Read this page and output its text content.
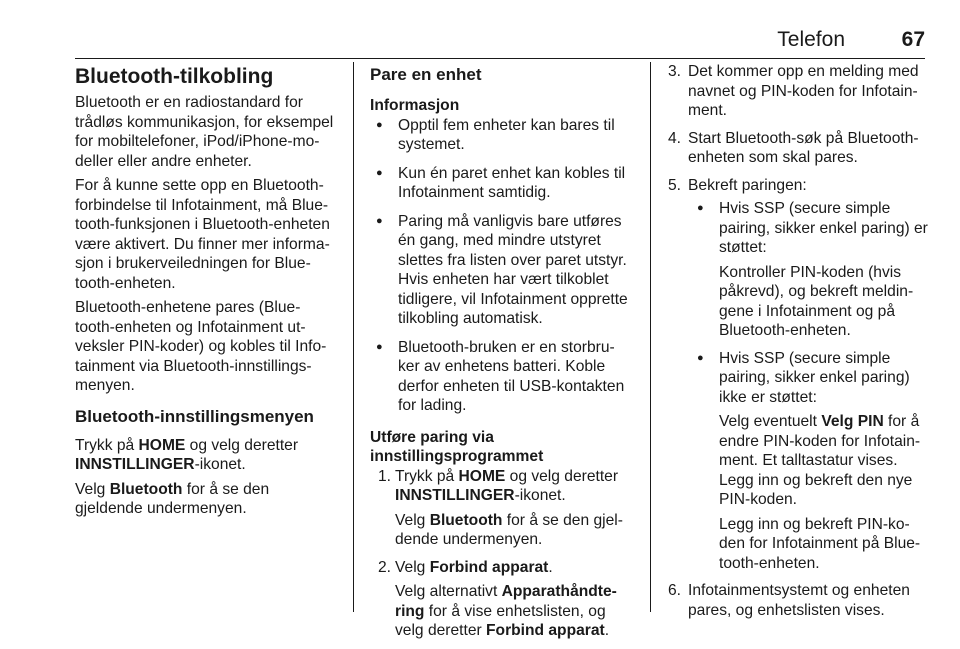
Telefon	67
Bluetooth-tilkobling

Bluetooth er en radiostandard for trådløs kommunikasjon, for eksempel for mobiltelefoner, iPod/iPhone-mo‐ deller eller andre enheter.

For å kunne sette opp en Bluetooth- forbindelse til Infotainment, må Blue‐ tooth-funksjonen i Bluetooth-enheten være aktivert. Du finner mer informa‐ sjon i brukerveiledningen for Blue‐ tooth-enheten.

Bluetooth-enhetene pares (Blue‐ tooth-enheten og Infotainment ut‐ veksler PIN-koder) og kobles til Info‐ tainment via Bluetooth-innstillings‐ menyen.

Bluetooth-innstillingsmenyen

Trykk på HOME og velg deretter INNSTILLINGER-ikonet.

Velg Bluetooth for å se den gjeldende undermenyen.

Pare en enhet
Informasjon
● Opptil fem enheter kan bares til systemet.
● Kun én paret enhet kan kobles til Infotainment samtidig.
● Paring må vanligvis bare utføres én gang, med mindre utstyret slettes fra listen over paret utstyr. Hvis enheten har vært tilkoblet tidligere, vil Infotainment opprette tilkobling automatisk.
● Bluetooth-bruken er en storbru‐ ker av enhetens batteri. Koble derfor enheten til USB-kontakten for lading.
Utføre paring via innstillingsprogrammet
1. Trykk på HOME og velg deretter INNSTILLINGER-ikonet.

Velg Bluetooth for å se den gjel‐ dende undermenyen.

2. Velg Forbind apparat.

Velg alternativt Apparathåndte‐ ring for å vise enhetslisten, og velg deretter Forbind apparat.

3. Det kommer opp en melding med navnet og PIN-koden for Infotain‐ ment.
4. Start Bluetooth-søk på Bluetooth- enheten som skal pares.
5. Bekreft paringen:
● Hvis SSP (secure simple pairing, sikker enkel paring) er støttet:

Kontroller PIN-koden (hvis påkrevd), og bekreft meldin‐ gene i Infotainment og på Bluetooth-enheten.

● Hvis SSP (secure simple pairing, sikker enkel paring) ikke er støttet:

Velg eventuelt Velg PIN for å endre PIN-koden for Infotain‐ ment. Et talltastatur vises. Legg inn og bekreft den nye PIN-koden.

Legg inn og bekreft PIN-ko‐ den for Infotainment på Blue‐ tooth-enheten.

6. Infotainmentsystemt og enheten pares, og enhetslisten vises.
